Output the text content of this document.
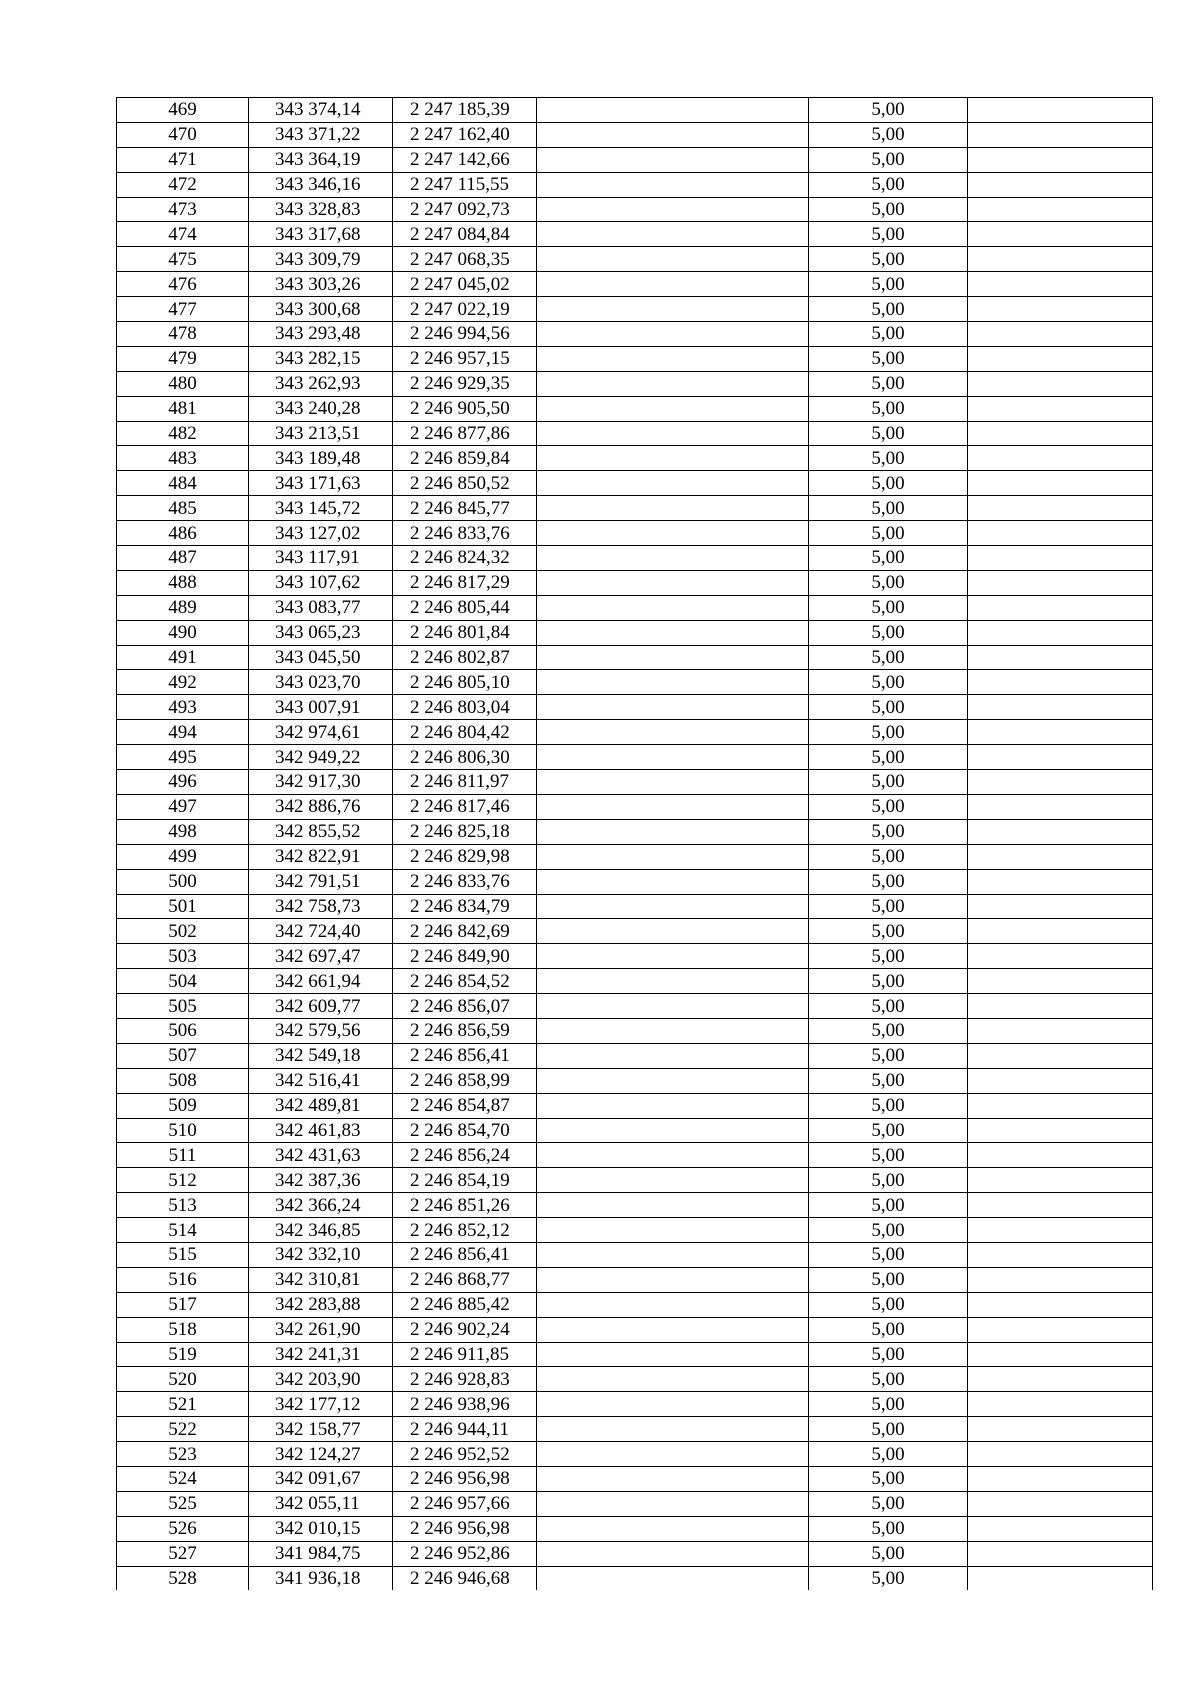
469	343 374,14	2 247 185,39		5,00	
470	343 371,22	2 247 162,40		5,00	
471	343 364,19	2 247 142,66		5,00	
472	343 346,16	2 247 115,55		5,00	
473	343 328,83	2 247 092,73		5,00	
474	343 317,68	2 247 084,84		5,00	
475	343 309,79	2 247 068,35		5,00	
476	343 303,26	2 247 045,02		5,00	
477	343 300,68	2 247 022,19		5,00	
478	343 293,48	2 246 994,56		5,00	
479	343 282,15	2 246 957,15		5,00	
480	343 262,93	2 246 929,35		5,00	
481	343 240,28	2 246 905,50		5,00	
482	343 213,51	2 246 877,86		5,00	
483	343 189,48	2 246 859,84		5,00	
484	343 171,63	2 246 850,52		5,00	
485	343 145,72	2 246 845,77		5,00	
486	343 127,02	2 246 833,76		5,00	
487	343 117,91	2 246 824,32		5,00	
488	343 107,62	2 246 817,29		5,00	
489	343 083,77	2 246 805,44		5,00	
490	343 065,23	2 246 801,84		5,00	
491	343 045,50	2 246 802,87		5,00	
492	343 023,70	2 246 805,10		5,00	
493	343 007,91	2 246 803,04		5,00	
494	342 974,61	2 246 804,42		5,00	
495	342 949,22	2 246 806,30		5,00	
496	342 917,30	2 246 811,97		5,00	
497	342 886,76	2 246 817,46		5,00	
498	342 855,52	2 246 825,18		5,00	
499	342 822,91	2 246 829,98		5,00	
500	342 791,51	2 246 833,76		5,00	
501	342 758,73	2 246 834,79		5,00	
502	342 724,40	2 246 842,69		5,00	
503	342 697,47	2 246 849,90		5,00	
504	342 661,94	2 246 854,52		5,00	
505	342 609,77	2 246 856,07		5,00	
506	342 579,56	2 246 856,59		5,00	
507	342 549,18	2 246 856,41		5,00	
508	342 516,41	2 246 858,99		5,00	
509	342 489,81	2 246 854,87		5,00	
510	342 461,83	2 246 854,70		5,00	
511	342 431,63	2 246 856,24		5,00	
512	342 387,36	2 246 854,19		5,00	
513	342 366,24	2 246 851,26		5,00	
514	342 346,85	2 246 852,12		5,00	
515	342 332,10	2 246 856,41		5,00	
516	342 310,81	2 246 868,77		5,00	
517	342 283,88	2 246 885,42		5,00	
518	342 261,90	2 246 902,24		5,00	
519	342 241,31	2 246 911,85		5,00	
520	342 203,90	2 246 928,83		5,00	
521	342 177,12	2 246 938,96		5,00	
522	342 158,77	2 246 944,11		5,00	
523	342 124,27	2 246 952,52		5,00	
524	342 091,67	2 246 956,98		5,00	
525	342 055,11	2 246 957,66		5,00	
526	342 010,15	2 246 956,98		5,00	
527	341 984,75	2 246 952,86		5,00	
528	341 936,18	2 246 946,68		5,00	
